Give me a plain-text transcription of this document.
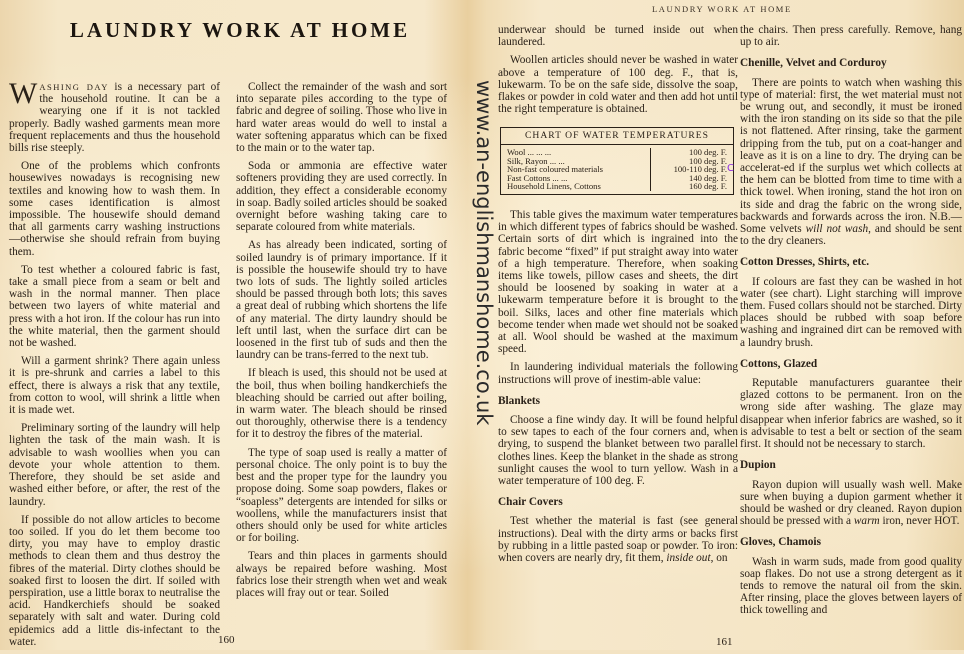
LAUNDRY WORK AT HOME

WASHING DAY is a necessary part of the household routine. It can be a wearying one if it is not tackled properly. Badly washed garments mean more frequent replacements and thus the household bills rise steeply.

One of the problems which confronts housewives nowadays is recognising new textiles and knowing how to wash them. In some cases identification is almost impossible. The housewife should demand that all garments carry washing instructions —otherwise she should refrain from buying them.

To test whether a coloured fabric is fast, take a small piece from a seam or belt and wash in the normal manner. Then place between two layers of white material and press with a hot iron. If the colour has run into the white material, then the garment should not be washed.

Will a garment shrink? There again unless it is pre-shrunk and carries a label to this effect, there is always a risk that any textile, from cotton to wool, will shrink a little when it is made wet.

Preliminary sorting of the laundry will help lighten the task of the main wash. It is advisable to wash woollies when you can devote your whole attention to them. Therefore, they should be set aside and washed either before, or after, the rest of the laundry.

If possible do not allow articles to become too soiled. If you do let them become too dirty, you may have to employ drastic methods to clean them and thus destroy the fibres of the material. Dirty clothes should be soaked first to loosen the dirt. If soiled with perspiration, use a little borax to neutralise the acid. Handkerchiefs should be soaked separately with salt and water. During cold epidemics add a little dis-infectant to the water.

Collect the remainder of the wash and sort into separate piles according to the type of fabric and degree of soiling. Those who live in hard water areas would do well to instal a water softening apparatus which can be fixed to the main or to the water tap.

Soda or ammonia are effective water softeners providing they are used correctly. In addition, they effect a considerable economy in soap. Badly soiled articles should be soaked overnight before washing taking care to separate coloured from white materials.

As has already been indicated, sorting of soiled laundry is of primary importance. If it is possible the housewife should try to have two lots of suds. The lightly soiled articles should be passed through both lots; this saves a great deal of rubbing which shortens the life of any material. The dirty laundry should be left until last, when the surface dirt can be loosened in the first tub of suds and then the laundry can be trans-ferred to the next tub.

If bleach is used, this should not be used at the boil, thus when boiling handkerchiefs the bleaching should be carried out after boiling, in warm water. The bleach should be rinsed out thoroughly, otherwise there is a tendency for it to destroy the fibres of the material.

The type of soap used is really a matter of personal choice. The only point is to buy the best and the proper type for the laundry you propose doing. Some soap powders, flakes or “soapless” detergents are intended for silks or woollens, while the manufacturers insist that others should only be used for white articles or for boiling.

Tears and thin places in garments should always be repaired before washing. Most fabrics lose their strength when wet and weak places will fray out or tear. Soiled

160
www.an-englishmanshome.co.uk
LAUNDRY WORK AT HOME

underwear should be turned inside out when laundered.

Woollen articles should never be washed in water above a temperature of 100 deg. F., that is, lukewarm. To be on the safe side, dissolve the soap, flakes or powder in cold water and then add hot until the right temperature is obtained.

CHART OF WATER TEMPERATURES
Wool ... ... ...	100 deg. F.
Silk, Rayon ... ...	100 deg. F.
Non-fast coloured materials	100-110 deg. F. C

Fast Cottons ... ...	140 deg. F.
Household Linens, Cottons	160 deg. F.

This table gives the maximum water temperatures in which different types of fabrics should be washed. Certain sorts of dirt which is ingrained into the fabric become “fixed” if put straight away into water of a high temperature. Therefore, when soaking items like towels, pillow cases and sheets, the dirt should be loosened by soaking in water at a lukewarm temperature before it is brought to the boil. Silks, laces and other fine materials which become tender when made wet should not be soaked at all. Wool should be washed at the maximum speed.

In laundering individual materials the following instructions will prove of inestim-able value:

Blankets

Choose a fine windy day. It will be found helpful to sew tapes to each of the four corners and, when drying, to suspend the blanket between two parallel clothes lines. Keep the blanket in the shade as strong sunlight causes the wool to turn yellow. Wash in a water temperature of 100 deg. F.

Chair Covers

Test whether the material is fast (see general instructions). Deal with the dirty arms or backs first by rubbing in a little pasted soap or powder. To iron: when covers are nearly dry, fit them, inside out, on

the chairs. Then press carefully. Remove, hang up to air.

Chenille, Velvet and Corduroy

There are points to watch when washing this type of material: first, the wet material must not be wrung out, and secondly, it must be ironed with the iron standing on its side so that the pile is not flattened. After rinsing, take the garment dripping from the tub, put on a coat-hanger and leave as it is on a line to dry. The drying can be accelerat-ed if the surplus wet which collects at the hem can be blotted from time to time with a thick towel. When ironing, stand the hot iron on its side and drag the fabric on the wrong side, backwards and forwards across the iron. N.B.—Some velvets will not wash, and should be sent to the dry cleaners.

Cotton Dresses, Shirts, etc.

If colours are fast they can be washed in hot water (see chart). Light starching will improve them. Fused collars should not be starched. Dirty places should be rubbed with soap before washing and ingrained dirt can be removed with a laundry brush.

Cottons, Glazed

Reputable manufacturers guarantee their glazed cottons to be permanent. Iron on the wrong side after washing. The glaze may disappear when inferior fabrics are washed, so it is advisable to test a belt or section of the seam first. It should not be necessary to starch.

Dupion

Rayon dupion will usually wash well. Make sure when buying a dupion garment whether it should be washed or dry cleaned. Rayon dupion should be pressed with a warm iron, never HOT.

Gloves, Chamois

Wash in warm suds, made from good quality soap flakes. Do not use a strong detergent as it tends to remove the natural oil from the skin. After rinsing, place the gloves between layers of thick towelling and

161
